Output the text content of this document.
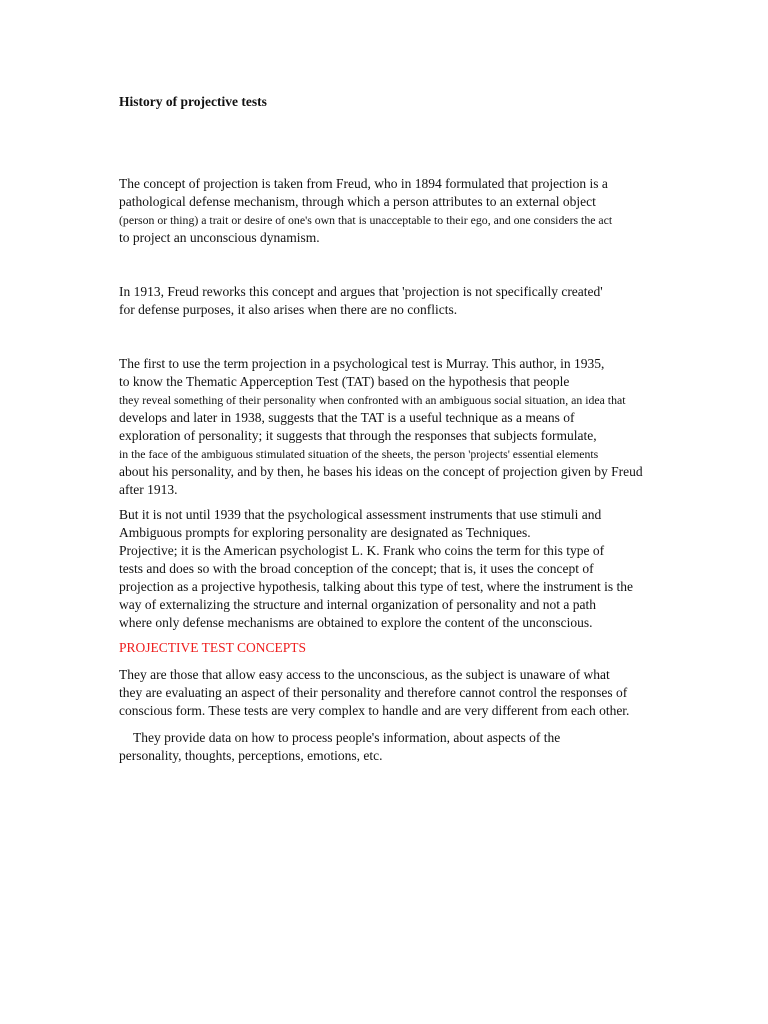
History of projective tests
The concept of projection is taken from Freud, who in 1894 formulated that projection is a
pathological defense mechanism, through which a person attributes to an external object
(person or thing) a trait or desire of one's own that is unacceptable to their ego, and one considers the act
to project an unconscious dynamism.
In 1913, Freud reworks this concept and argues that 'projection is not specifically created'
for defense purposes, it also arises when there are no conflicts.
The first to use the term projection in a psychological test is Murray. This author, in 1935,
to know the Thematic Apperception Test (TAT) based on the hypothesis that people
they reveal something of their personality when confronted with an ambiguous social situation, an idea that
develops and later in 1938, suggests that the TAT is a useful technique as a means of
exploration of personality; it suggests that through the responses that subjects formulate,
in the face of the ambiguous stimulated situation of the sheets, the person 'projects' essential elements
about his personality, and by then, he bases his ideas on the concept of projection given by Freud
after 1913.
But it is not until 1939 that the psychological assessment instruments that use stimuli and
Ambiguous prompts for exploring personality are designated as Techniques.
Projective; it is the American psychologist L. K. Frank who coins the term for this type of
tests and does so with the broad conception of the concept; that is, it uses the concept of
projection as a projective hypothesis, talking about this type of test, where the instrument is the
way of externalizing the structure and internal organization of personality and not a path
where only defense mechanisms are obtained to explore the content of the unconscious.
PROJECTIVE TEST CONCEPTS
They are those that allow easy access to the unconscious, as the subject is unaware of what
they are evaluating an aspect of their personality and therefore cannot control the responses of
conscious form. These tests are very complex to handle and are very different from each other.
They provide data on how to process people's information, about aspects of the
personality, thoughts, perceptions, emotions, etc.
